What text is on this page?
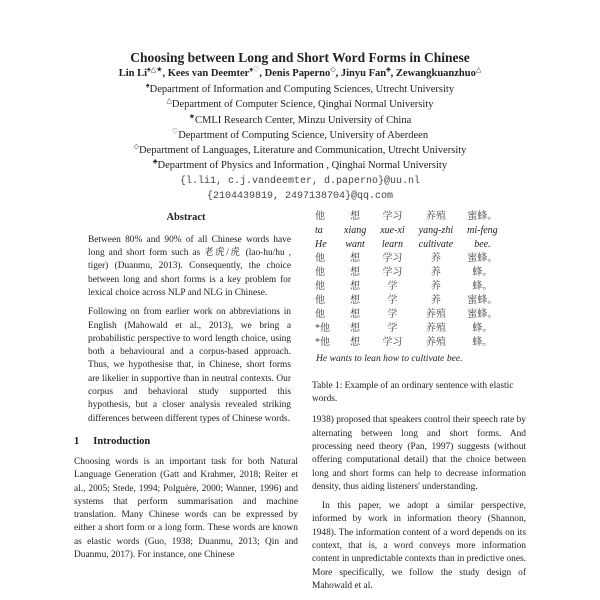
Choosing between Long and Short Word Forms in Chinese
Lin Li♠△★, Kees van Deemter♠♡, Denis Paperno◇, Jinyu Fan♣, Zewangkuanzhuo△
♠Department of Information and Computing Sciences, Utrecht University
△Department of Computer Science, Qinghai Normal University
★CMLI Research Center, Minzu University of China
♡Department of Computing Science, University of Aberdeen
◇Department of Languages, Literature and Communication, Utrecht University
♣Department of Physics and Information , Qinghai Normal University
{l.li1, c.j.vandeemter, d.paperno}@uu.nl
{2104439819, 2497138704}@qq.com
Abstract

Between 80% and 90% of all Chinese words have long and short form such as 老虎/虎 (lao-hu/hu , tiger) (Duanmu, 2013). Consequently, the choice between long and short forms is a key problem for lexical choice across NLP and NLG in Chinese.

Following on from earlier work on abbreviations in English (Mahowald et al., 2013), we bring a probabilistic perspective to word length choice, using both a behavioural and a corpus-based approach. Thus, we hypothesise that, in Chinese, short forms are likelier in supportive than in neutral contexts. Our corpus and behavioral study supported this hypothesis, but a closer analysis revealed striking differences between different types of Chinese words.

1 Introduction

Choosing words is an important task for both Natural Language Generation (Gatt and Krahmer, 2018; Reiter et al., 2005; Stede, 1994; Polguère, 2000; Wanner, 1996) and systems that perform summarisation and machine translation. Many Chinese words can be expressed by either a short form or a long form. These words are known as elastic words (Guo, 1938; Duanmu, 2013; Qin and Duanmu, 2017). For instance, one Chinese

他	想	学习	养殖	蜜蜂。
ta	xiang	xue-xi	yang-zhi	mi-feng
He	want	learn	cultivate	bee.
他	想	学习	养	蜜蜂。
他	想	学习	养	蜂。
他	想	学	养	蜂。
他	想	学	养	蜜蜂。
他	想	学	养殖	蜜蜂。
*他	想	学	养殖	蜂。
*他	想	学习	养殖	蜂。
He wants to lean how to cultivate bee.
Table 1: Example of an ordinary sentence with elastic words.

1938) proposed that speakers control their speech rate by alternating between long and short forms. And processing need theory (Pan, 1997) suggests (without offering computational detail) that the choice between long and short forms can help to decrease information density, thus aiding listeners' understanding.

In this paper, we adopt a similar perspective, informed by work in information theory (Shannon, 1948). The information content of a word depends on its context, that is, a word conveys more information content in unpredictable contexts than in predictive ones. More specifically, we follow the study design of Mahowald et al.
